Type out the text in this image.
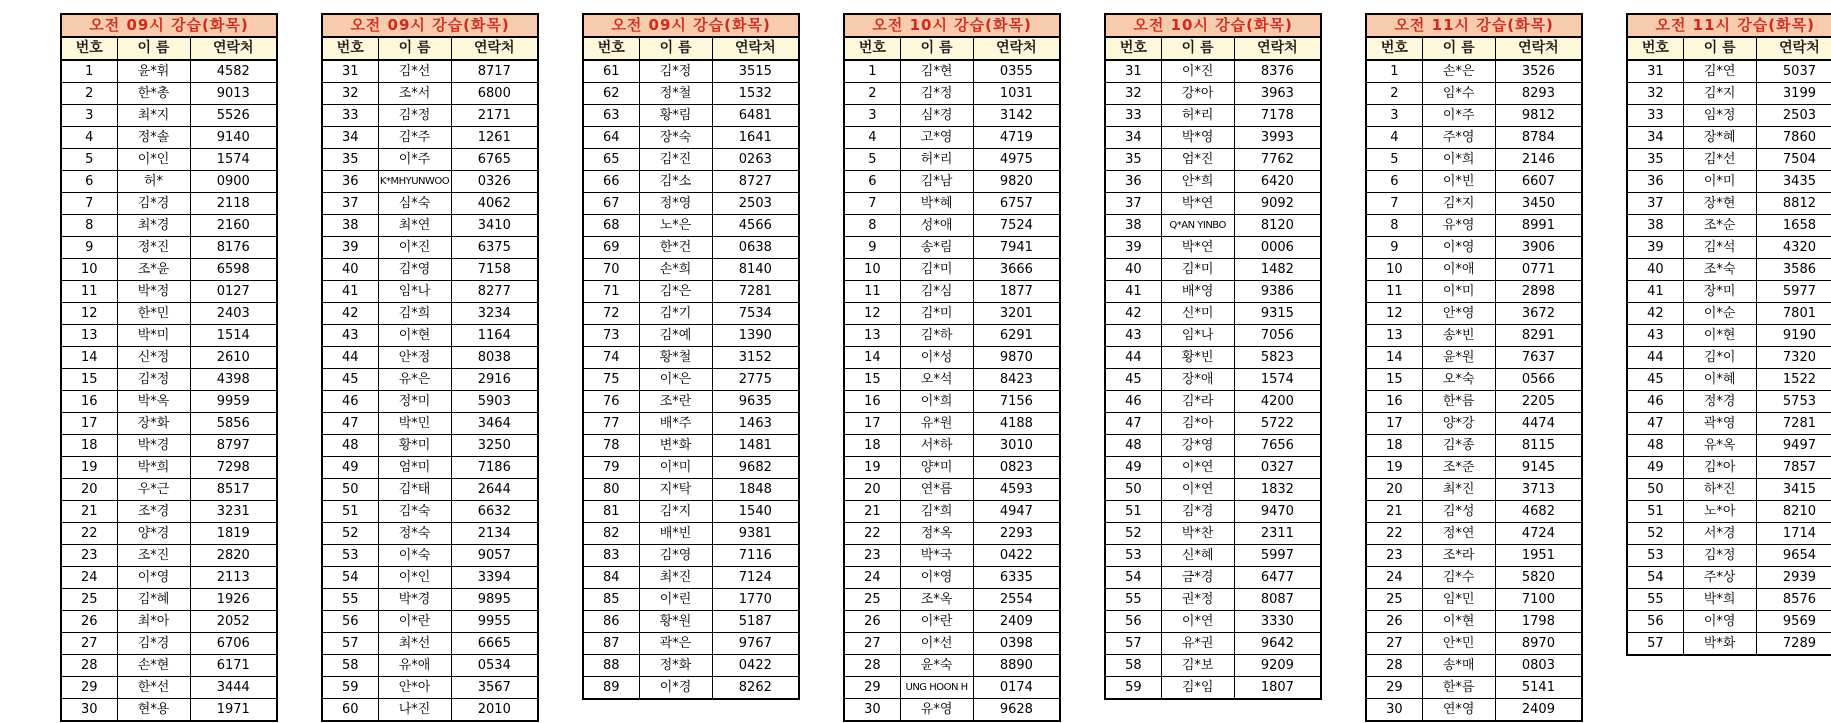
오전 09시 강습(화목)		
번호	이 름	연락처
1	윤*휘	4582
2	한*총	9013
3	최*지	5526
4	정*솔	9140
5	이*인	1574
6	허*	0900
7	김*경	2118
8	최*경	2160
9	정*진	8176
10	조*윤	6598
11	박*정	0127
12	한*민	2403
13	박*미	1514
14	신*정	2610
15	김*정	4398
16	박*옥	9959
17	장*화	5856
18	박*경	8797
19	박*희	7298
20	우*근	8517
21	조*경	3231
22	양*경	1819
23	조*진	2820
24	이*영	2113
25	김*혜	1926
26	최*아	2052
27	김*경	6706
28	손*현	6171
29	한*선	3444
30	현*용	1971
오전 09시 강습(화목)		
번호	이 름	연락처
31	김*선	8717
32	조*서	6800
33	김*정	2171
34	김*주	1261
35	이*주	6765
36	K*MHYUNWOO	0326
37	심*숙	4062
38	최*연	3410
39	이*진	6375
40	김*영	7158
41	임*나	8277
42	김*희	3234
43	이*현	1164
44	안*정	8038
45	유*은	2916
46	정*미	5903
47	박*민	3464
48	황*미	3250
49	엄*미	7186
50	김*태	2644
51	김*숙	6632
52	정*숙	2134
53	이*숙	9057
54	이*인	3394
55	박*경	9895
56	이*란	9955
57	최*선	6665
58	유*애	0534
59	안*아	3567
60	나*진	2010
오전 09시 강습(화목)		
번호	이 름	연락처
61	김*정	3515
62	정*철	1532
63	황*림	6481
64	장*숙	1641
65	김*진	0263
66	김*소	8727
67	정*영	2503
68	노*은	4566
69	한*건	0638
70	손*희	8140
71	김*은	7281
72	김*기	7534
73	김*예	1390
74	황*철	3152
75	이*은	2775
76	조*란	9635
77	배*주	1463
78	변*화	1481
79	이*미	9682
80	지*탁	1848
81	김*지	1540
82	배*빈	9381
83	김*영	7116
84	최*진	7124
85	이*린	1770
86	황*원	5187
87	곽*은	9767
88	정*화	0422
89	이*경	8262
오전 10시 강습(화목)		
번호	이 름	연락처
1	김*현	0355
2	김*정	1031
3	심*경	3142
4	고*영	4719
5	허*리	4975
6	김*남	9820
7	박*혜	6757
8	성*애	7524
9	송*림	7941
10	김*미	3666
11	김*심	1877
12	김*미	3201
13	김*하	6291
14	이*성	9870
15	오*석	8423
16	이*희	7156
17	유*원	4188
18	서*하	3010
19	양*미	0823
20	연*름	4593
21	김*희	4947
22	정*옥	2293
23	박*국	0422
24	이*영	6335
25	조*옥	2554
26	이*란	2409
27	이*선	0398
28	윤*숙	8890
29	UNG HOON H	0174
30	유*영	9628
오전 10시 강습(화목)		
번호	이 름	연락처
31	이*진	8376
32	강*아	3963
33	허*리	7178
34	박*영	3993
35	엄*진	7762
36	안*희	6420
37	박*연	9092
38	Q*AN YINBO	8120
39	박*연	0006
40	김*미	1482
41	배*영	9386
42	신*미	9315
43	임*나	7056
44	황*빈	5823
45	장*애	1574
46	김*라	4200
47	김*아	5722
48	강*영	7656
49	이*연	0327
50	이*연	1832
51	김*경	9470
52	박*찬	2311
53	신*혜	5997
54	금*경	6477
55	권*정	8087
56	이*연	3330
57	유*권	9642
58	김*보	9209
59	김*임	1807
오전 11시 강습(화목)		
번호	이 름	연락처
1	손*은	3526
2	임*수	8293
3	이*주	9812
4	주*영	8784
5	이*희	2146
6	이*빈	6607
7	김*지	3450
8	유*영	8991
9	이*영	3906
10	이*애	0771
11	이*미	2898
12	안*영	3672
13	송*빈	8291
14	윤*원	7637
15	오*숙	0566
16	한*름	2205
17	양*강	4474
18	김*종	8115
19	조*준	9145
20	최*진	3713
21	김*성	4682
22	정*연	4724
23	조*라	1951
24	김*수	5820
25	임*민	7100
26	이*현	1798
27	안*민	8970
28	송*매	0803
29	한*름	5141
30	연*영	2409
오전 11시 강습(화목)		
번호	이 름	연락처
31	김*연	5037
32	김*지	3199
33	임*정	2503
34	장*혜	7860
35	김*선	7504
36	이*미	3435
37	장*현	8812
38	조*순	1658
39	김*석	4320
40	조*숙	3586
41	장*미	5977
42	이*순	7801
43	이*현	9190
44	김*이	7320
45	이*혜	1522
46	정*경	5753
47	곽*영	7281
48	유*옥	9497
49	김*아	7857
50	하*진	3415
51	노*아	8210
52	서*경	1714
53	김*정	9654
54	주*상	2939
55	박*희	8576
56	이*영	9569
57	박*화	7289
